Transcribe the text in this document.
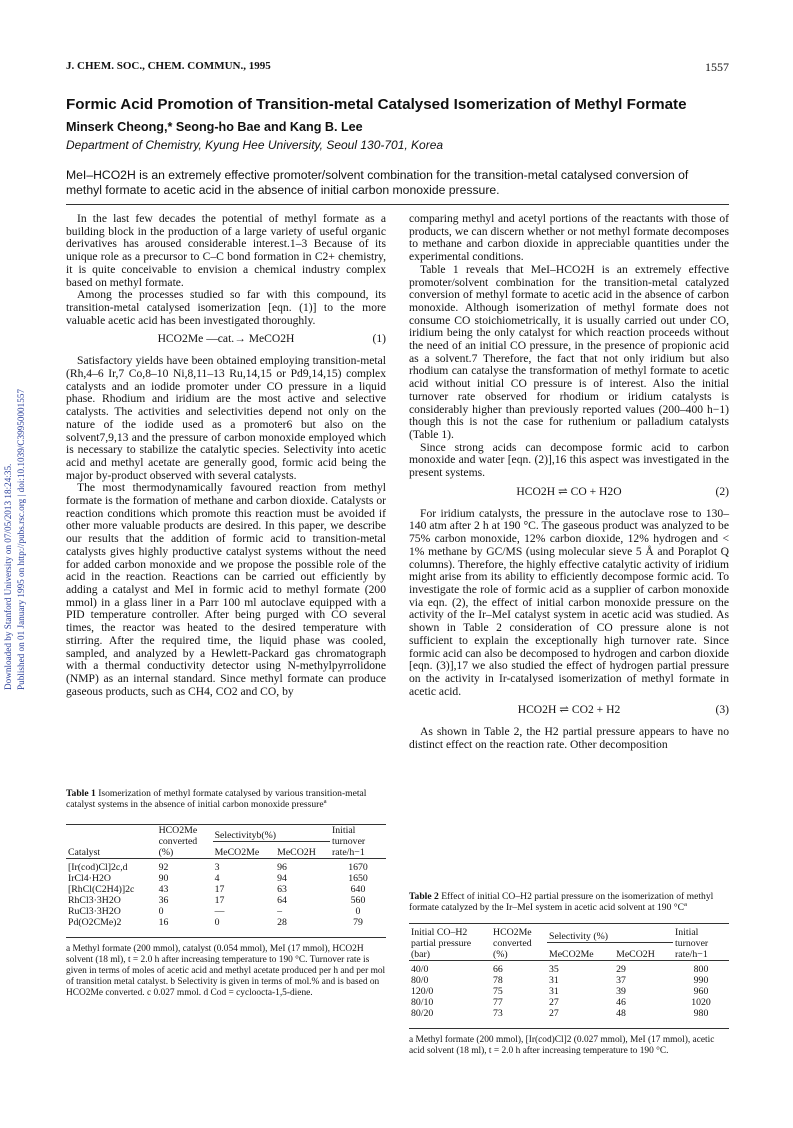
Downloaded by Stanford University on 07/05/2013 18:24:35. Published on 01 January 1995 on http://pubs.rsc.org | doi:10.1039/C39950001557
J. CHEM. SOC., CHEM. COMMUN., 1995	1557
Formic Acid Promotion of Transition-metal Catalysed Isomerization of Methyl Formate
Minserk Cheong,* Seong-ho Bae and Kang B. Lee
Department of Chemistry, Kyung Hee University, Seoul 130-701, Korea
MeI–HCO2H is an extremely effective promoter/solvent combination for the transition-metal catalysed conversion of methyl formate to acetic acid in the absence of initial carbon monoxide pressure.

In the last few decades the potential of methyl formate as a building block in the production of a large variety of useful organic derivatives has aroused considerable interest.1–3 Because of its unique role as a precursor to C–C bond formation in C2+ chemistry, it is quite conceivable to envision a chemical industry complex based on methyl formate.

Among the processes studied so far with this compound, its transition-metal catalysed isomerization [eqn. (1)] to the more valuable acetic acid has been investigated thoroughly.

HCO2Me —cat.→ MeCO2H	(1)

Satisfactory yields have been obtained employing transition-metal (Rh,4–6 Ir,7 Co,8–10 Ni,8,11–13 Ru,14,15 or Pd9,14,15) complex catalysts and an iodide promoter under CO pressure in a liquid phase. Rhodium and iridium are the most active and selective catalysts. The activities and selectivities depend not only on the nature of the iodide used as a promoter6 but also on the solvent7,9,13 and the pressure of carbon monoxide employed which is necessary to stabilize the catalytic species. Selectivity into acetic acid and methyl acetate are generally good, formic acid being the major by-product observed with several catalysts.

The most thermodynamically favoured reaction from methyl formate is the formation of methane and carbon dioxide. Catalysts or reaction conditions which promote this reaction must be avoided if other more valuable products are desired. In this paper, we describe our results that the addition of formic acid to transition-metal catalysts gives highly productive catalyst systems without the need for added carbon monoxide and we propose the possible role of the acid in the reaction. Reactions can be carried out efficiently by adding a catalyst and MeI in formic acid to methyl formate (200 mmol) in a glass liner in a Parr 100 ml autoclave equipped with a PID temperature controller. After being purged with CO several times, the reactor was heated to the desired temperature with stirring. After the required time, the liquid phase was cooled, sampled, and analyzed by a Hewlett-Packard gas chromatograph with a thermal conductivity detector using N-methylpyrrolidone (NMP) as an internal standard. Since methyl formate can produce gaseous products, such as CH4, CO2 and CO, by

Table 1 Isomerization of methyl formate catalysed by various transition-metal catalyst systems in the absence of initial carbon monoxide pressure$^a$
Catalyst	HCO2Me converted (%)	Selectivityb(%)		Initial turnover rate/h−1
		MeCO2Me	MeCO2H	
[Ir(cod)Cl]2c,d	92	3	96	1670
IrCl4·H2O	90	4	94	1650
[RhCl(C2H4)]2c	43	17	63	640
RhCl3·3H2O	36	17	64	560
RuCl3·3H2O	0	—	–	0
Pd(O2CMe)2	16	0	28	79

a Methyl formate (200 mmol), catalyst (0.054 mmol), MeI (17 mmol), HCO2H solvent (18 ml), t = 2.0 h after increasing temperature to 190 °C. Turnover rate is given in terms of moles of acetic acid and methyl acetate produced per h and per mol of transition metal catalyst. b Selectivity is given in terms of mol.% and is based on HCO2Me converted. c 0.027 mmol. d Cod = cycloocta-1,5-diene.

comparing methyl and acetyl portions of the reactants with those of products, we can discern whether or not methyl formate decomposes to methane and carbon dioxide in appreciable quantities under the experimental conditions.

Table 1 reveals that MeI–HCO2H is an extremely effective promoter/solvent combination for the transition-metal catalyzed conversion of methyl formate to acetic acid in the absence of carbon monoxide. Although isomerization of methyl formate does not consume CO stoichiometrically, it is usually carried out under CO, iridium being the only catalyst for which reaction proceeds without the need of an initial CO pressure, in the presence of propionic acid as a solvent.7 Therefore, the fact that not only iridium but also rhodium can catalyse the transformation of methyl formate to acetic acid without initial CO pressure is of interest. Also the initial turnover rate observed for rhodium or iridium catalysts is considerably higher than previously reported values (200–400 h−1) though this is not the case for ruthenium or palladium catalysts (Table 1).

Since strong acids can decompose formic acid to carbon monoxide and water [eqn. (2)],16 this aspect was investigated in the present systems.

HCO2H ⇌ CO + H2O	(2)

For iridium catalysts, the pressure in the autoclave rose to 130–140 atm after 2 h at 190 °C. The gaseous product was analyzed to be 75% carbon monoxide, 12% carbon dioxide, 12% hydrogen and < 1% methane by GC/MS (using molecular sieve 5 Å and Poraplot Q columns). Therefore, the highly effective catalytic activity of iridium might arise from its ability to efficiently decompose formic acid. To investigate the role of formic acid as a supplier of carbon monoxide via eqn. (2), the effect of initial carbon monoxide pressure on the activity of the Ir–MeI catalyst system in acetic acid was studied. As shown in Table 2 consideration of CO pressure alone is not sufficient to explain the exceptionally high turnover rate. Since formic acid can also be decomposed to hydrogen and carbon dioxide [eqn. (3)],17 we also studied the effect of hydrogen partial pressure on the activity in Ir-catalysed isomerization of methyl formate in acetic acid.

HCO2H ⇌ CO2 + H2	(3)

As shown in Table 2, the H2 partial pressure appears to have no distinct effect on the reaction rate. Other decomposition

Table 2 Effect of initial CO–H2 partial pressure on the isomerization of methyl formate catalyzed by the Ir–MeI system in acetic acid solvent at 190 $^\circ C^a$
Initial CO–H2 partial pressure (bar)	HCO2Me converted (%)	Selectivity (%)		Initial turnover rate/h−1
		MeCO2Me	MeCO2H	
40/0	66	35	29	800
80/0	78	31	37	990
120/0	75	31	39	960
80/10	77	27	46	1020
80/20	73	27	48	980

a Methyl formate (200 mmol), [Ir(cod)Cl]2 (0.027 mmol), MeI (17 mmol), acetic acid solvent (18 ml), t = 2.0 h after increasing temperature to 190 °C.
